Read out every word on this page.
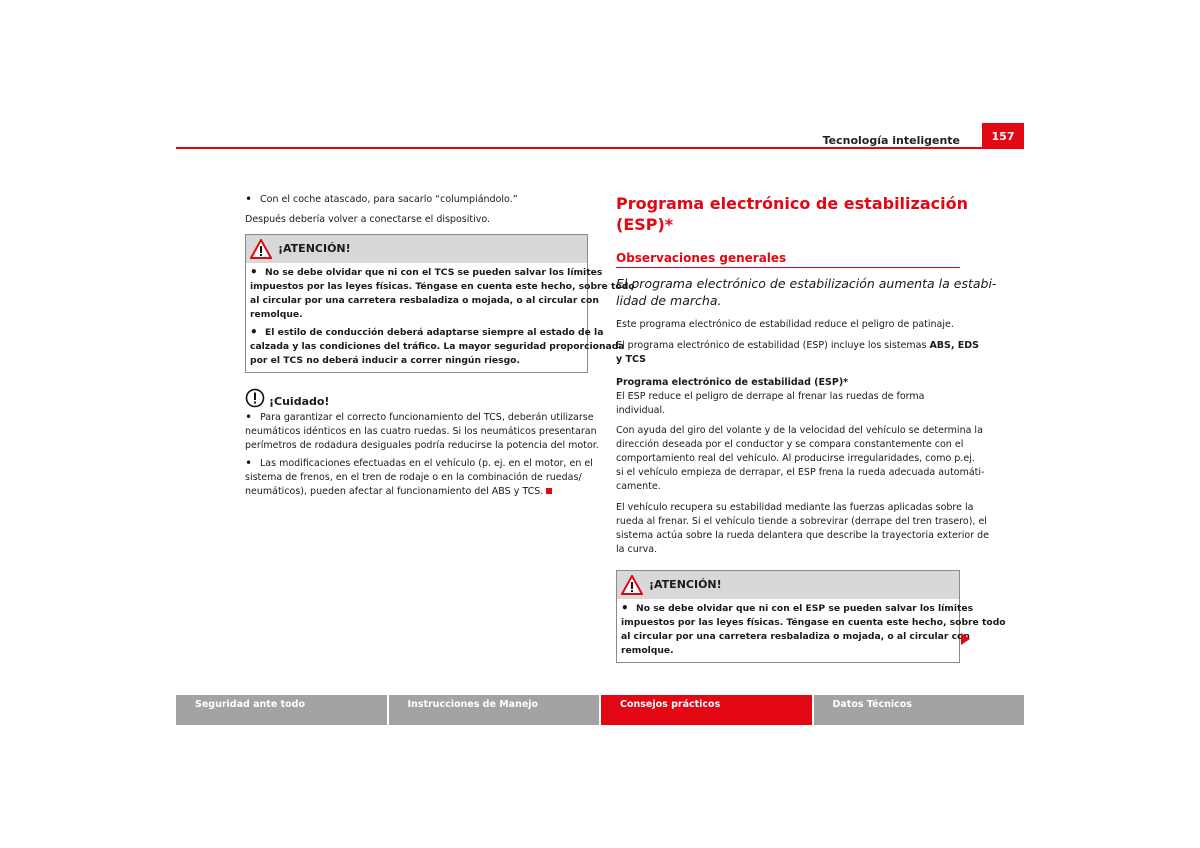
Tecnología inteligente	157
• Con el coche atascado, para sacarlo “columpiándolo.”

Después debería volver a conectarse el dispositivo.

¡ATENCIÓN!
• No se debe olvidar que ni con el TCS se pueden salvar los límites
impuestos por las leyes físicas. Téngase en cuenta este hecho, sobre todo
al circular por una carretera resbaladiza o mojada, o al circular con
remolque.
• El estilo de conducción deberá adaptarse siempre al estado de la
calzada y las condiciones del tráfico. La mayor seguridad proporcionada
por el TCS no deberá inducir a correr ningún riesgo.
¡Cuidado!
• Para garantizar el correcto funcionamiento del TCS, deberán utilizarse
neumáticos idénticos en las cuatro ruedas. Si los neumáticos presentaran
perímetros de rodadura desiguales podría reducirse la potencia del motor.
• Las modificaciones efectuadas en el vehículo (p. ej. en el motor, en el
sistema de frenos, en el tren de rodaje o en la combinación de ruedas/
neumáticos), pueden afectar al funcionamiento del ABS y TCS.
Programa electrónico de estabilización
(ESP)*
Observaciones generales
El programa electrónico de estabilización aumenta la estabi-
lidad de marcha.

Este programa electrónico de estabilidad reduce el peligro de patinaje.

El programa electrónico de estabilidad (ESP) incluye los sistemas ABS, EDS
y TCS

Programa electrónico de estabilidad (ESP)*

El ESP reduce el peligro de derrape al frenar las ruedas de forma individual.

Con ayuda del giro del volante y de la velocidad del vehículo se determina la
dirección deseada por el conductor y se compara constantemente con el
comportamiento real del vehículo. Al producirse irregularidades, como p.ej.
si el vehículo empieza de derrapar, el ESP frena la rueda adecuada automáti-
camente.

El vehículo recupera su estabilidad mediante las fuerzas aplicadas sobre la
rueda al frenar. Si el vehículo tiende a sobrevirar (derrape del tren trasero), el
sistema actúa sobre la rueda delantera que describe la trayectoria exterior de
la curva.

¡ATENCIÓN!
• No se debe olvidar que ni con el ESP se pueden salvar los límites
impuestos por las leyes físicas. Téngase en cuenta este hecho, sobre todo
al circular por una carretera resbaladiza o mojada, o al circular con
remolque.
Seguridad ante todo	Instrucciones de Manejo	Consejos prácticos	Datos Técnicos
